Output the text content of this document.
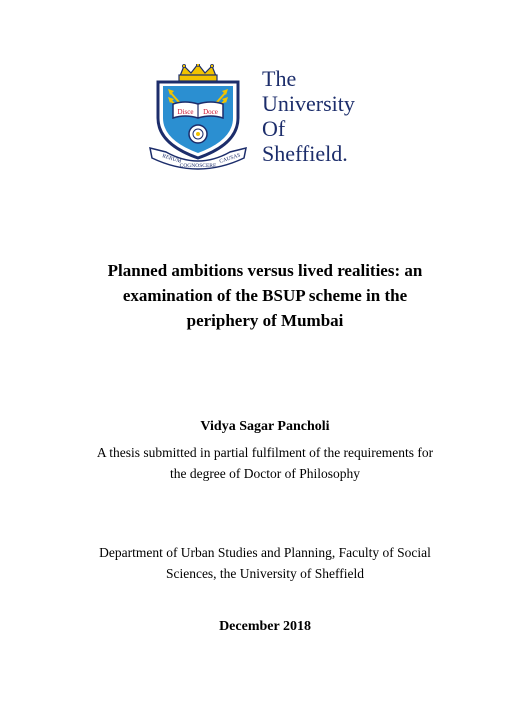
Disce Doce
RERUM
COGNOSCERE
CAUSAS
The
University
Of
Sheffield.
Planned ambitions versus lived realities: an
examination of the BSUP scheme in the
periphery of Mumbai
Vidya Sagar Pancholi
A thesis submitted in partial fulfilment of the requirements for
the degree of Doctor of Philosophy
Department of Urban Studies and Planning, Faculty of Social
Sciences, the University of Sheffield
December 2018
